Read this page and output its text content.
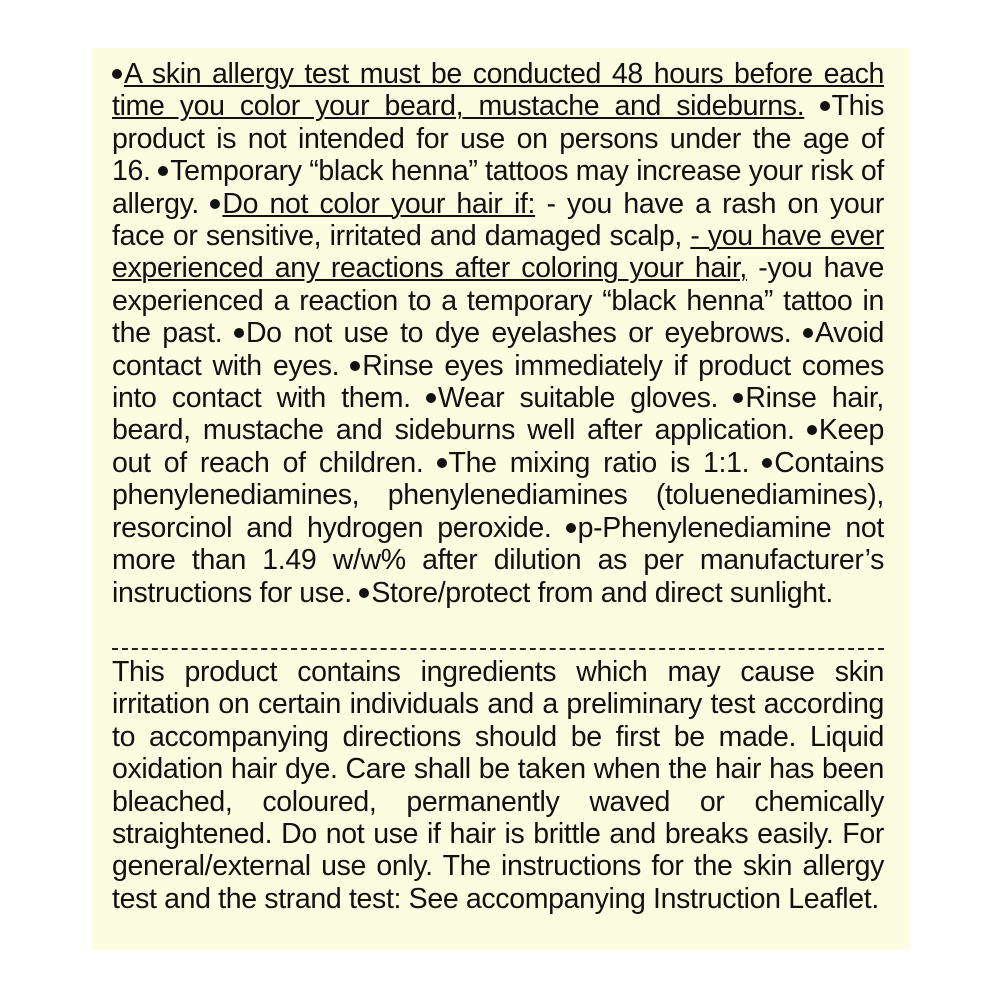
A skin allergy test must be conducted 48 hours before each time you color your beard, mustache and sideburns. This product is not intended for use on persons under the age of 16. Temporary “black henna” tattoos may increase your risk of allergy. Do not color your hair if: - you have a rash on your face or sensitive, irritated and damaged scalp, - you have ever experienced any reactions after coloring your hair, -you have experienced a reaction to a temporary “black henna” tattoo in the past. Do not use to dye eyelashes or eyebrows. Avoid contact with eyes. Rinse eyes immediately if product comes into contact with them. Wear suitable gloves. Rinse hair, beard, mustache and sideburns well after application. Keep out of reach of children. The mixing ratio is 1:1. Contains phenylenediamines, phenylenediamines (toluenediamines), resorcinol and hydrogen peroxide. p-Phenylenediamine not more than 1.49 w/w% after dilution as per manufacturer’s instructions for use. Store/protect from and direct sunlight.
This product contains ingredients which may cause skin irritation on certain individuals and a preliminary test according to accompanying directions should be first be made. Liquid oxidation hair dye. Care shall be taken when the hair has been bleached, coloured, permanently waved or chemically straightened. Do not use if hair is brittle and breaks easily. For general/external use only. The instructions for the skin allergy test and the strand test: See accompanying Instruction Leaflet.
